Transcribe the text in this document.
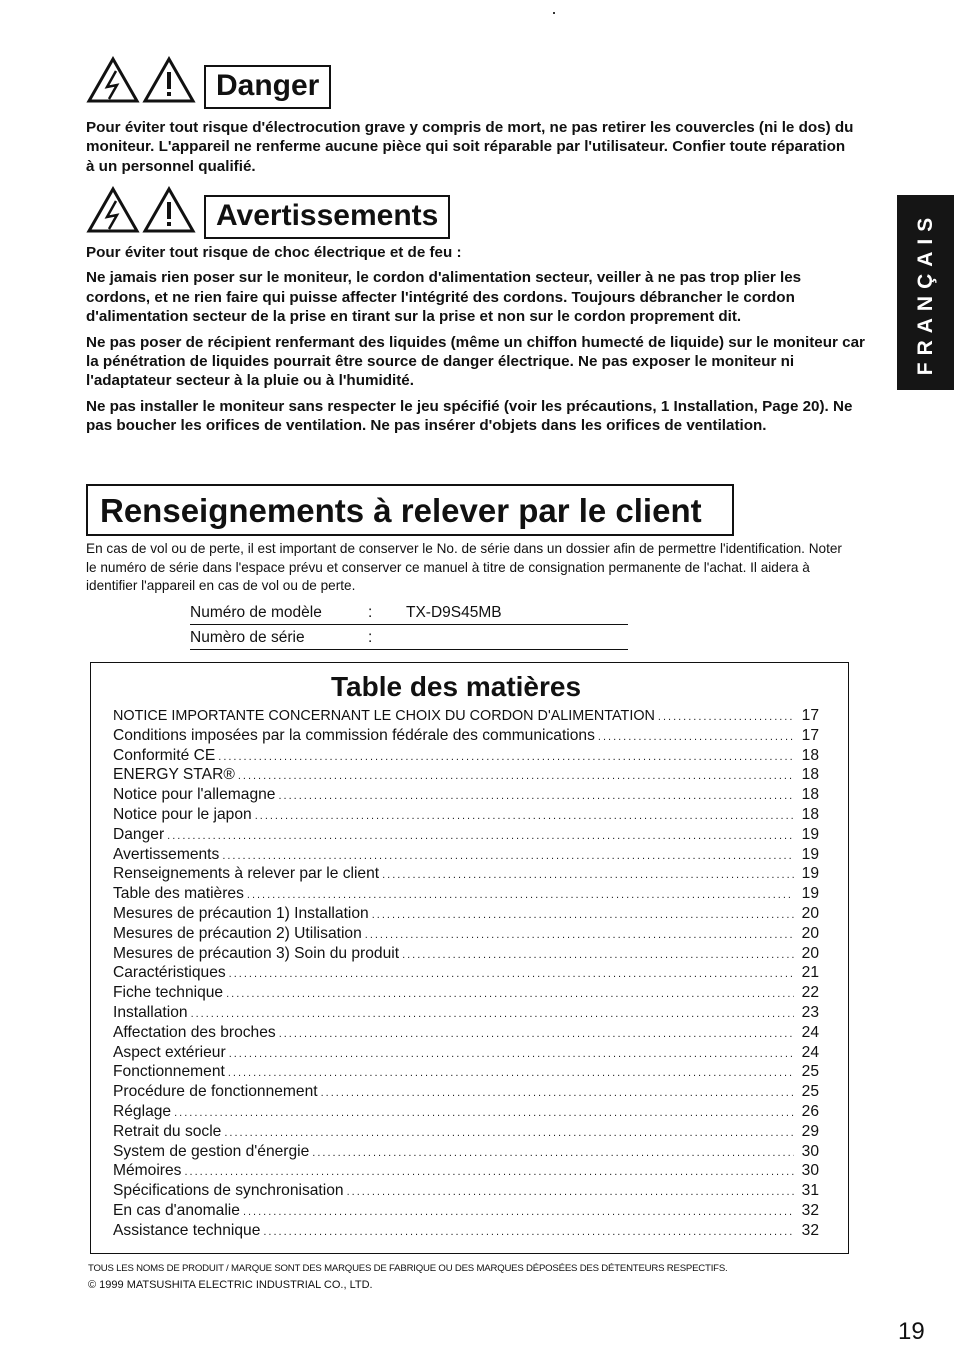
Danger

Pour éviter tout risque d'électrocution grave y compris de mort, ne pas retirer les couvercles (ni le dos) du moniteur. L'appareil ne renferme aucune pièce qui soit réparable par l'utilisateur. Confier toute réparation à un personnel qualifié.

Avertissements

Pour éviter tout risque de choc électrique et de feu :

Ne jamais rien poser sur le moniteur, le cordon d'alimentation secteur, veiller à ne pas trop plier les cordons, et ne rien faire qui puisse affecter l'intégrité des cordons. Toujours débrancher le cordon d'alimentation secteur de la prise en tirant sur la prise et non sur le cordon proprement dit.

Ne pas poser de récipient renfermant des liquides (même un chiffon humecté de liquide) sur le moniteur car la pénétration de liquides pourrait être source de danger électrique. Ne pas exposer le moniteur ni l'adaptateur secteur à la pluie ou à l'humidité.

Ne pas installer le moniteur sans respecter le jeu spécifié (voir les précautions, 1 Installation, Page 20). Ne pas boucher les orifices de ventilation. Ne pas insérer d'objets dans les orifices de ventilation.

Renseignements à relever par le client
En cas de vol ou de perte, il est important de conserver le No. de série dans un dossier afin de permettre l'identification. Noter le numéro de série dans l'espace prévu et conserver ce manuel à titre de consignation permanente de l'achat. Il aidera à identifier l'appareil en cas de vol ou de perte.
Numéro de modèle	: TX-D9S45MB
Numèro de série	:
Table des matières
NOTICE IMPORTANTE CONCERNANT LE CHOIX DU CORDON D'ALIMENTATION .....	17
Conditions imposées par la commission fédérale des communications .....	17
Conformité CE .....	18
ENERGY STAR® .....	18
Notice pour l'allemagne .....	18
Notice pour le japon .....	18
Danger .....	19
Avertissements .....	19
Renseignements à relever par le client .....	19
Table des matières .....	19
Mesures de précaution 1) Installation .....	20
Mesures de précaution 2) Utilisation .....	20
Mesures de précaution 3) Soin du produit .....	20
Caractéristiques .....	21
Fiche technique .....	22
Installation .....	23
Affectation des broches .....	24
Aspect extérieur .....	24
Fonctionnement .....	25
Procédure de fonctionnement .....	25
Réglage .....	26
Retrait du socle .....	29
System de gestion d'énergie .....	30
Mémoires .....	30
Spécifications de synchronisation .....	31
En cas d'anomalie .....	32
Assistance technique .....	32
FRANÇAIS
TOUS LES NOMS DE PRODUIT / MARQUE SONT DES MARQUES DE FABRIQUE OU DES MARQUES DÉPOSÉES DES DÉTENTEURS RESPECTIFS.
© 1999 MATSUSHITA ELECTRIC INDUSTRIAL CO., LTD.
19
